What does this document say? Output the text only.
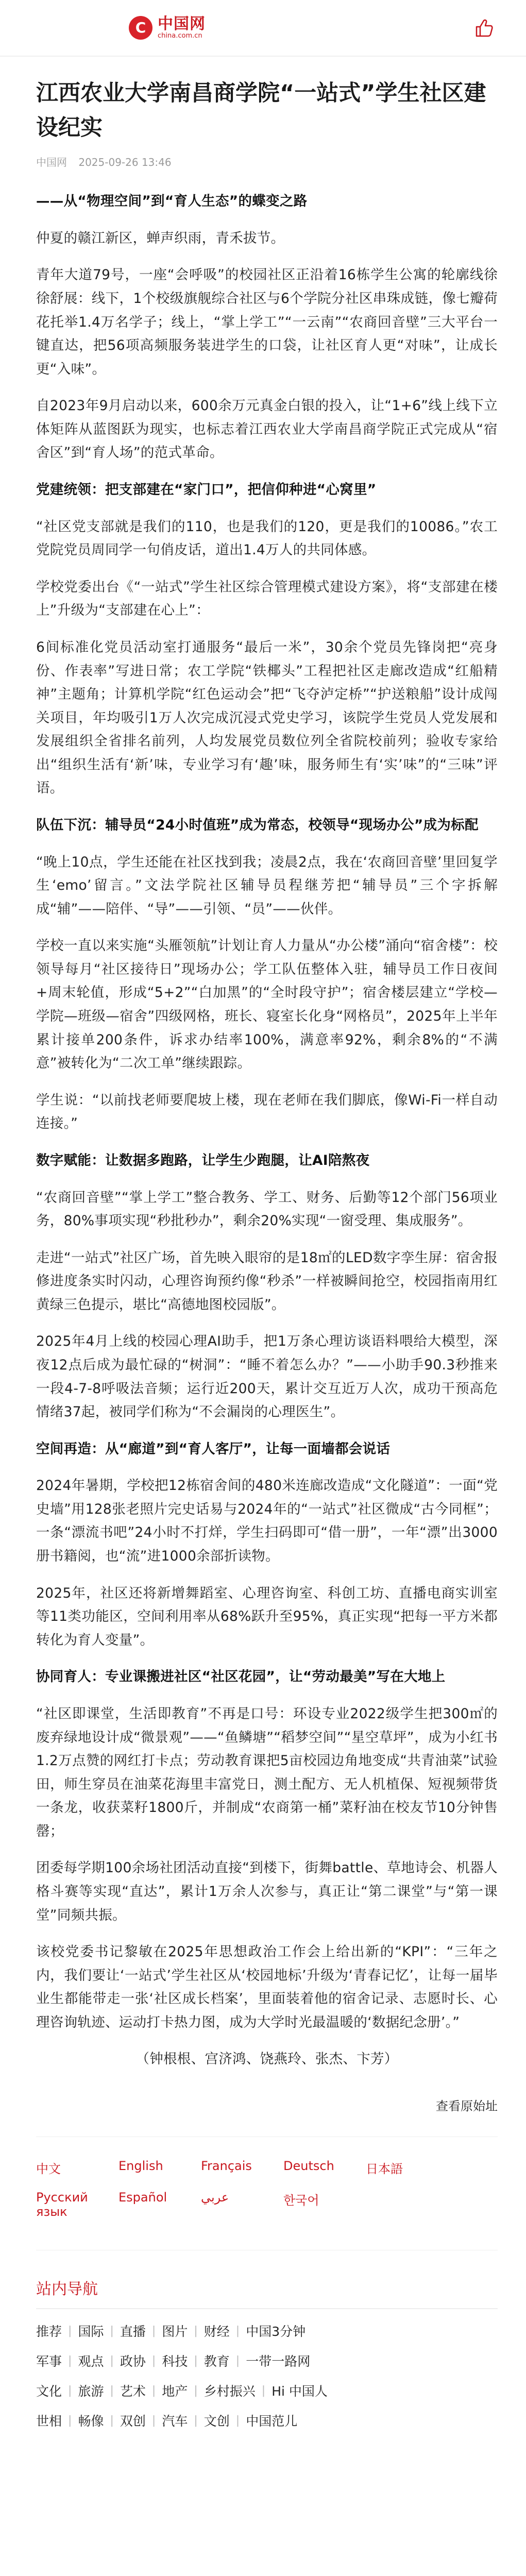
C 中国网
china.com.cn
江西农业大学南昌商学院“一站式”学生社区建设纪实
中国网 2025-09-26 13:46

——从“物理空间”到“育人生态”的蝶变之路

仲夏的赣江新区，蝉声织雨，青禾拔节。

青年大道79号，一座“会呼吸”的校园社区正沿着16栋学生公寓的轮廓线徐徐舒展：线下，1个校级旗舰综合社区与6个学院分社区串珠成链，像七瓣荷花托举1.4万名学子；线上，“掌上学工”“一云南”“农商回音壁”三大平台一键直达，把56项高频服务装进学生的口袋，让社区育人更“对味”，让成长更“入味”。

自2023年9月启动以来，600余万元真金白银的投入，让“1+6”线上线下立体矩阵从蓝图跃为现实，也标志着江西农业大学南昌商学院正式完成从“宿舍区”到“育人场”的范式革命。

党建统领：把支部建在“家门口”，把信仰种进“心窝里”

“社区党支部就是我们的110，也是我们的120，更是我们的10086。”农工党院党员周同学一句俏皮话，道出1.4万人的共同体感。

学校党委出台《“一站式”学生社区综合管理模式建设方案》，将“支部建在楼上”升级为“支部建在心上”：

6间标准化党员活动室打通服务“最后一米”，30余个党员先锋岗把“亮身份、作表率”写进日常；农工学院“铁椰头”工程把社区走廊改造成“红船精神”主题角；计算机学院“红色运动会”把“飞夺泸定桥”“护送粮船”设计成闯关项目，年均吸引1万人次完成沉浸式党史学习，该院学生党员人党发展和发展组织全省排名前列，人均发展党员数位列全省院校前列；验收专家给出“组织生活有‘新’味，专业学习有‘趣’味，服务师生有‘实’味”的“三味”评语。

队伍下沉：辅导员“24小时值班”成为常态，校领导“现场办公”成为标配

“晚上10点，学生还能在社区找到我；凌晨2点，我在‘农商回音壁’里回复学生‘emo’留言。”文法学院社区辅导员程继芳把“辅导员”三个字拆解成“辅”——陪伴、“导”——引领、“员”——伙伴。

学校一直以来实施“头雁领航”计划让育人力量从“办公楼”涌向“宿舍楼”：校领导每月“社区接待日”现场办公；学工队伍整体入驻，辅导员工作日夜间+周末轮值，形成“5+2”“白加黑”的“全时段守护”；宿舍楼层建立“学校—学院—班级—宿舍”四级网格，班长、寝室长化身“网格员”，2025年上半年累计接单200条件，诉求办结率100%，满意率92%，剩余8%的“不满意”被转化为“二次工单”继续跟踪。

学生说：“以前找老师要爬坡上楼，现在老师在我们脚底，像Wi-Fi一样自动连接。”

数字赋能：让数据多跑路，让学生少跑腿，让AI陪熬夜

“农商回音壁”“掌上学工”整合教务、学工、财务、后勤等12个部门56项业务，80%事项实现“秒批秒办”，剩余20%实现“一窗受理、集成服务”。

走进“一站式”社区广场，首先映入眼帘的是18㎡的LED数字孪生屏：宿舍报修进度条实时闪动，心理咨询预约像“秒杀”一样被瞬间抢空，校园指南用红黄绿三色提示，堪比“高德地图校园版”。

2025年4月上线的校园心理AI助手，把1万条心理访谈语料喂给大模型，深夜12点后成为最忙碌的“树洞”：“睡不着怎么办？”——小助手90.3秒推来一段4-7-8呼吸法音频；运行近200天，累计交互近万人次，成功干预高危情绪37起，被同学们称为“不会漏岗的心理医生”。

空间再造：从“廊道”到“育人客厅”，让每一面墙都会说话

2024年暑期，学校把12栋宿舍间的480米连廊改造成“文化隧道”：一面“党史墙”用128张老照片完史话易与2024年的“一站式”社区微成“古今同框”；一条“漂流书吧”24小时不打烊，学生扫码即可“借一册”，一年“漂”出3000册书籍阅，也“流”进1000余部折读物。

2025年，社区还将新增舞蹈室、心理咨询室、科创工坊、直播电商实训室等11类功能区，空间利用率从68%跃升至95%，真正实现“把每一平方米都转化为育人变量”。

协同育人：专业课搬进社区“社区花园”，让“劳动最美”写在大地上

“社区即课堂，生活即教育”不再是口号：环设专业2022级学生把300㎡的废弃绿地设计成“微景观”——“鱼鳞塘”“稻梦空间”“星空草坪”，成为小红书1.2万点赞的网红打卡点；劳动教育课把5亩校园边角地变成“共青油菜”试验田，师生穿员在油菜花海里丰富党日，测土配方、无人机植保、短视频带货一条龙，收获菜籽1800斤，并制成“农商第一桶”菜籽油在校友节10分钟售罄；

团委每学期100余场社团活动直接“到楼下，街舞battle、草地诗会、机器人格斗赛等实现“直达”，累计1万余人次参与，真正让“第二课堂”与“第一课堂”同频共振。

该校党委书记黎敏在2025年思想政治工作会上给出新的“KPI”：“三年之内，我们要让‘一站式’学生社区从‘校园地标’升级为‘青春记忆’，让每一届毕业生都能带走一张‘社区成长档案’，里面装着他的宿舍记录、志愿时长、心理咨询轨迹、运动打卡热力图，成为大学时光最温暖的‘数据纪念册’。”

（钟根根、宫济鸿、饶燕玲、张杰、卞芳）

查看原始址
中文	English	Français	Deutsch	日本語
Русский язык
Español	عربي	한국어
站内导航
推荐 | 国际 | 直播 | 图片 | 财经 | 中国3分钟
军事 | 观点 | 政协 | 科技 | 教育 | 一带一路网
文化 | 旅游 | 艺术 | 地产 | 乡村振兴 | Hi 中国人
世相 | 畅像 | 双创 | 汽车 | 文创 | 中国范儿
